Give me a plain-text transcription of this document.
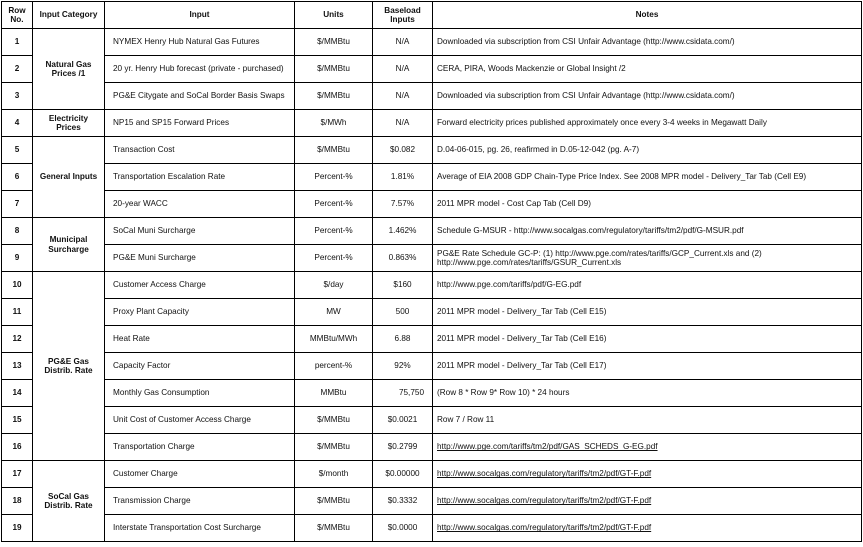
Row No.	Input Category	Input	Units	Baseload Inputs	Notes
1	Natural Gas Prices /1	NYMEX Henry Hub Natural Gas Futures	$/MMBtu	N/A	Downloaded via subscription from CSI Unfair Advantage (http://www.csidata.com/)
2		20 yr. Henry Hub forecast (private - purchased)	$/MMBtu	N/A	CERA, PIRA, Woods Mackenzie or Global Insight /2
3		PG&E Citygate and SoCal Border Basis Swaps	$/MMBtu	N/A	Downloaded via subscription from CSI Unfair Advantage (http://www.csidata.com/)
4	Electricity Prices	NP15 and SP15 Forward Prices	$/MWh	N/A	Forward electricity prices published approximately once every 3-4 weeks in Megawatt Daily
5	General Inputs	Transaction Cost	$/MMBtu	$0.082	D.04-06-015, pg. 26, reafirmed in D.05-12-042 (pg. A-7)
6		Transportation Escalation Rate	Percent-%	1.81%	Average of EIA 2008 GDP Chain-Type Price Index. See 2008 MPR model - Delivery_Tar Tab (Cell E9)
7		20-year WACC	Percent-%	7.57%	2011 MPR model - Cost Cap Tab (Cell D9)
8	Municipal Surcharge	SoCal Muni Surcharge	Percent-%	1.462%	Schedule G-MSUR - http://www.socalgas.com/regulatory/tariffs/tm2/pdf/G-MSUR.pdf
9		PG&E Muni Surcharge	Percent-%	0.863%	PG&E Rate Schedule GC-P: (1) http://www.pge.com/rates/tariffs/GCP_Current.xls and (2) http://www.pge.com/rates/tariffs/GSUR_Current.xls
10	PG&E Gas Distrib. Rate	Customer Access Charge	$/day	$160	http://www.pge.com/tariffs/pdf/G-EG.pdf
11		Proxy Plant Capacity	MW	500	2011 MPR model - Delivery_Tar Tab (Cell E15)
12		Heat Rate	MMBtu/MWh	6.88	2011 MPR model - Delivery_Tar Tab (Cell E16)
13		Capacity Factor	percent-%	92%	2011 MPR model - Delivery_Tar Tab (Cell E17)
14		Monthly Gas Consumption	MMBtu	75,750	(Row 8 * Row 9* Row 10) * 24 hours
15		Unit Cost of Customer Access Charge	$/MMBtu	$0.0021	Row 7 / Row 11
16		Transportation Charge	$/MMBtu	$0.2799	http://www.pge.com/tariffs/tm2/pdf/GAS_SCHEDS_G-EG.pdf
17	SoCal Gas Distrib. Rate	Customer Charge	$/month	$0.00000	http://www.socalgas.com/regulatory/tariffs/tm2/pdf/GT-F.pdf
18		Transmission Charge	$/MMBtu	$0.3332	http://www.socalgas.com/regulatory/tariffs/tm2/pdf/GT-F.pdf
19		Interstate Transportation Cost Surcharge	$/MMBtu	$0.0000	http://www.socalgas.com/regulatory/tariffs/tm2/pdf/GT-F.pdf
